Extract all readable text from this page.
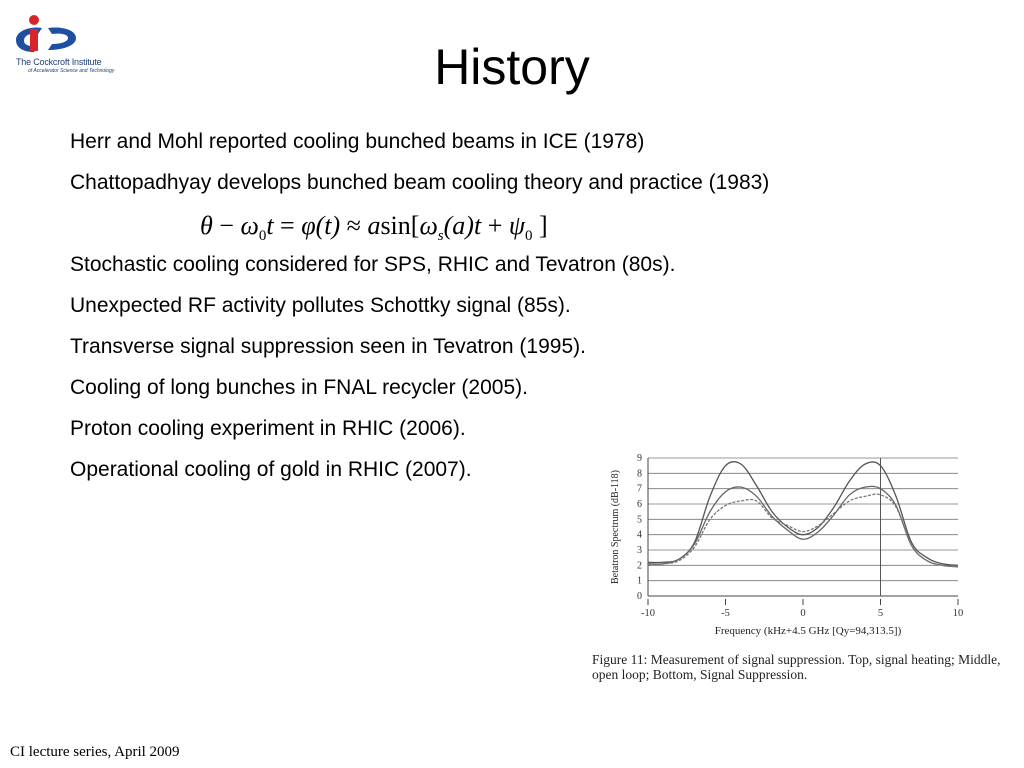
The Cockcroft Institute
of Accelerator Science and Technology	History
Herr and Mohl reported cooling bunched beams in ICE (1978)
Chattopadhyay develops bunched beam cooling theory and practice (1983)
Stochastic cooling considered for SPS, RHIC and Tevatron (80s).
Unexpected RF activity pollutes Schottky signal (85s).
Transverse signal suppression seen in Tevatron (1995).
Cooling of long bunches in FNAL recycler (2005).
Proton cooling experiment in RHIC (2006).
Operational cooling of gold in RHIC (2007).
$\theta - \omega_0t = \varphi(t) \approx asin[\omega_s(a)t + \psi_0$ ]
0
1
2
3
4
5
6
7
8
9
-10	-5	0	5	10
Frequency (kHz+4.5 GHz [Qy=94,313.5])
Betatron Spectrum (dB-118)
Figure 11: Measurement of signal suppression. Top, signal heating; Middle, open loop; Bottom, Signal Suppression.
CI lecture series, April 2009
